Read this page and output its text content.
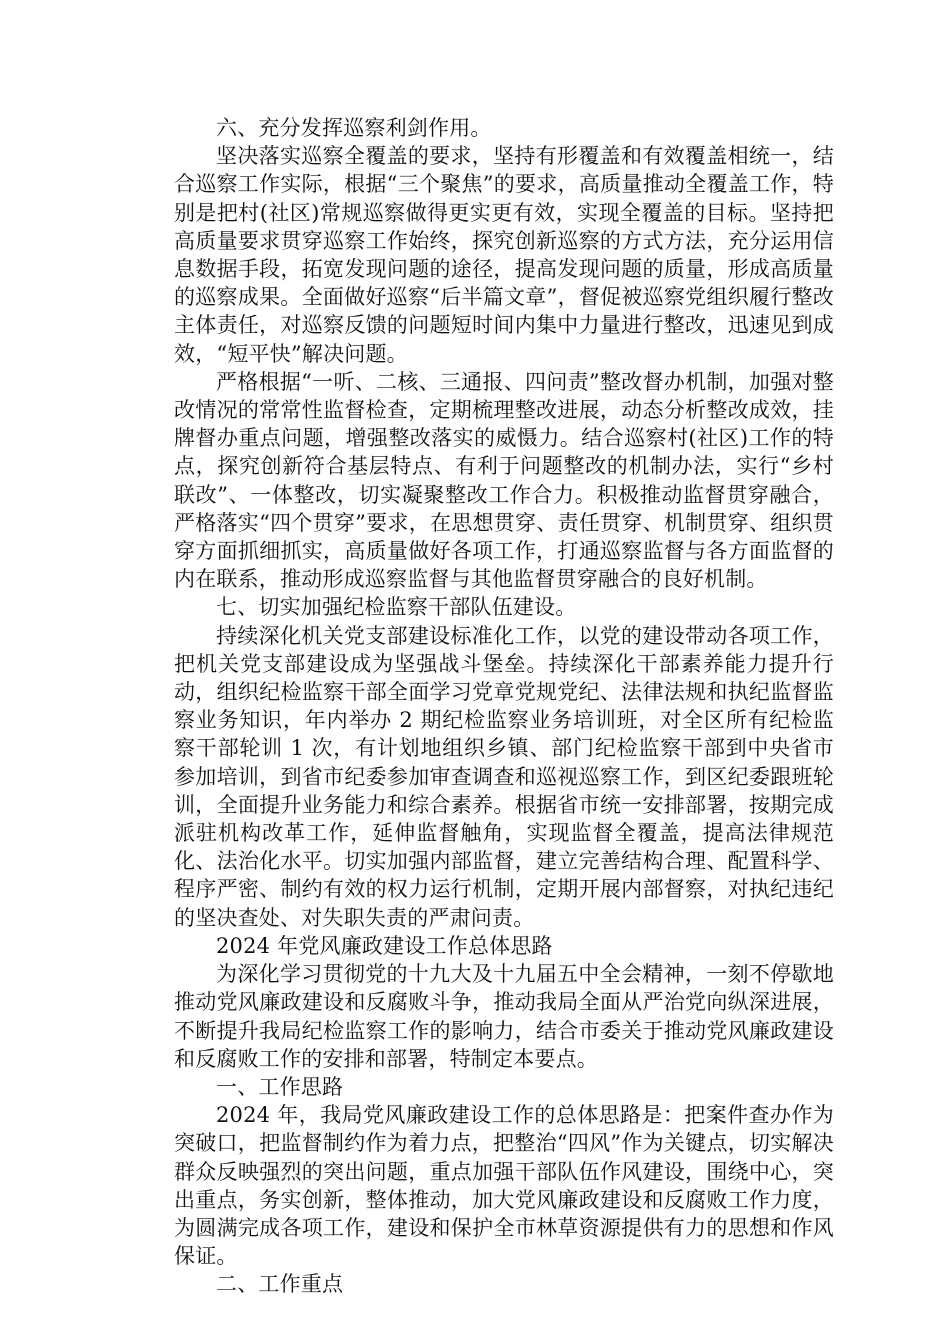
六、充分发挥巡察利剑作用。

坚决落实巡察全覆盖的要求，坚持有形覆盖和有效覆盖相统一，结合巡察工作实际，根据“三个聚焦”的要求，高质量推动全覆盖工作，特别是把村(社区)常规巡察做得更实更有效，实现全覆盖的目标。坚持把高质量要求贯穿巡察工作始终，探究创新巡察的方式方法，充分运用信息数据手段，拓宽发现问题的途径，提高发现问题的质量，形成高质量的巡察成果。全面做好巡察“后半篇文章”，督促被巡察党组织履行整改主体责任，对巡察反馈的问题短时间内集中力量进行整改，迅速见到成效，“短平快”解决问题。

严格根据“一听、二核、三通报、四问责”整改督办机制，加强对整改情况的常常性监督检查，定期梳理整改进展，动态分析整改成效，挂牌督办重点问题，增强整改落实的威慑力。结合巡察村(社区)工作的特点，探究创新符合基层特点、有利于问题整改的机制办法，实行“乡村联改”、一体整改，切实凝聚整改工作合力。积极推动监督贯穿融合，严格落实“四个贯穿”要求，在思想贯穿、责任贯穿、机制贯穿、组织贯穿方面抓细抓实，高质量做好各项工作，打通巡察监督与各方面监督的内在联系，推动形成巡察监督与其他监督贯穿融合的良好机制。

七、切实加强纪检监察干部队伍建设。

持续深化机关党支部建设标准化工作，以党的建设带动各项工作，把机关党支部建设成为坚强战斗堡垒。持续深化干部素养能力提升行动，组织纪检监察干部全面学习党章党规党纪、法律法规和执纪监督监察业务知识，年内举办 2 期纪检监察业务培训班，对全区所有纪检监察干部轮训 1 次，有计划地组织乡镇、部门纪检监察干部到中央省市参加培训，到省市纪委参加审查调查和巡视巡察工作，到区纪委跟班轮训，全面提升业务能力和综合素养。根据省市统一安排部署，按期完成派驻机构改革工作，延伸监督触角，实现监督全覆盖，提高法律规范化、法治化水平。切实加强内部监督，建立完善结构合理、配置科学、程序严密、制约有效的权力运行机制，定期开展内部督察，对执纪违纪的坚决查处、对失职失责的严肃问责。

2024 年党风廉政建设工作总体思路

为深化学习贯彻党的十九大及十九届五中全会精神，一刻不停歇地推动党风廉政建设和反腐败斗争，推动我局全面从严治党向纵深进展，不断提升我局纪检监察工作的影响力，结合市委关于推动党风廉政建设和反腐败工作的安排和部署，特制定本要点。

一、工作思路

2024 年，我局党风廉政建设工作的总体思路是：把案件查办作为突破口，把监督制约作为着力点，把整治“四风”作为关键点，切实解决群众反映强烈的突出问题，重点加强干部队伍作风建设，围绕中心，突出重点，务实创新，整体推动，加大党风廉政建设和反腐败工作力度，为圆满完成各项工作，建设和保护全市林草资源提供有力的思想和作风保证。

二、工作重点
